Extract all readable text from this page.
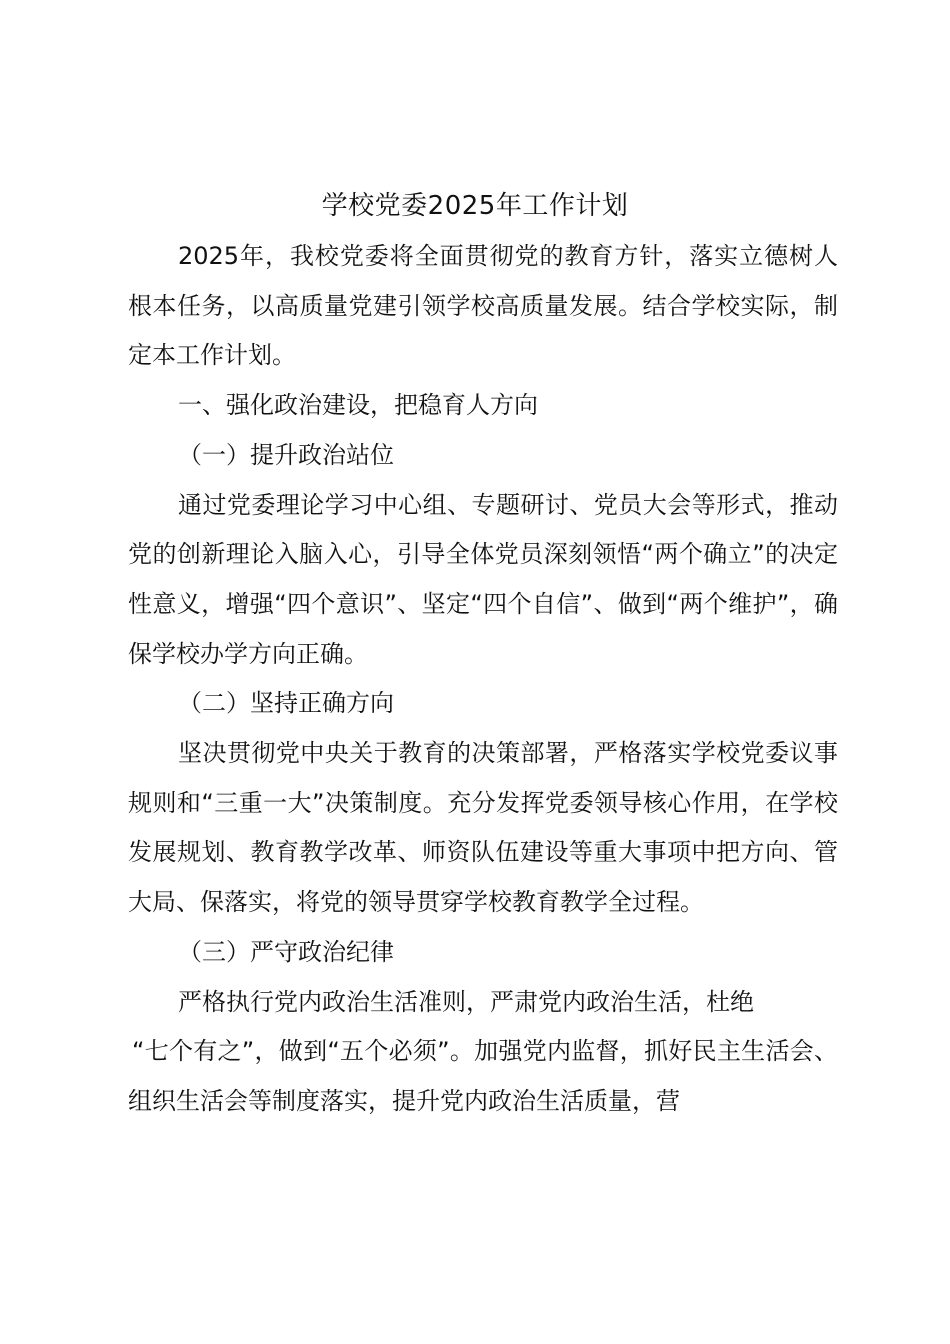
学校党委2025年工作计划

2025年，我校党委将全面贯彻党的教育方针，落实立德树人根本任务，以高质量党建引领学校高质量发展。结合学校实际，制定本工作计划。

一、强化政治建设，把稳育人方向

（一）提升政治站位

通过党委理论学习中心组、专题研讨、党员大会等形式，推动党的创新理论入脑入心，引导全体党员深刻领悟“两个确立”的决定性意义，增强“四个意识”、坚定“四个自信”、做到“两个维护”，确保学校办学方向正确。

（二）坚持正确方向

坚决贯彻党中央关于教育的决策部署，严格落实学校党委议事规则和“三重一大”决策制度。充分发挥党委领导核心作用，在学校发展规划、教育教学改革、师资队伍建设等重大事项中把方向、管大局、保落实，将党的领导贯穿学校教育教学全过程。

（三）严守政治纪律

严格执行党内政治生活准则，严肃党内政治生活，杜绝

“七个有之”，做到“五个必须”。加强党内监督，抓好民主生活会、组织生活会等制度落实，提升党内政治生活质量，营
